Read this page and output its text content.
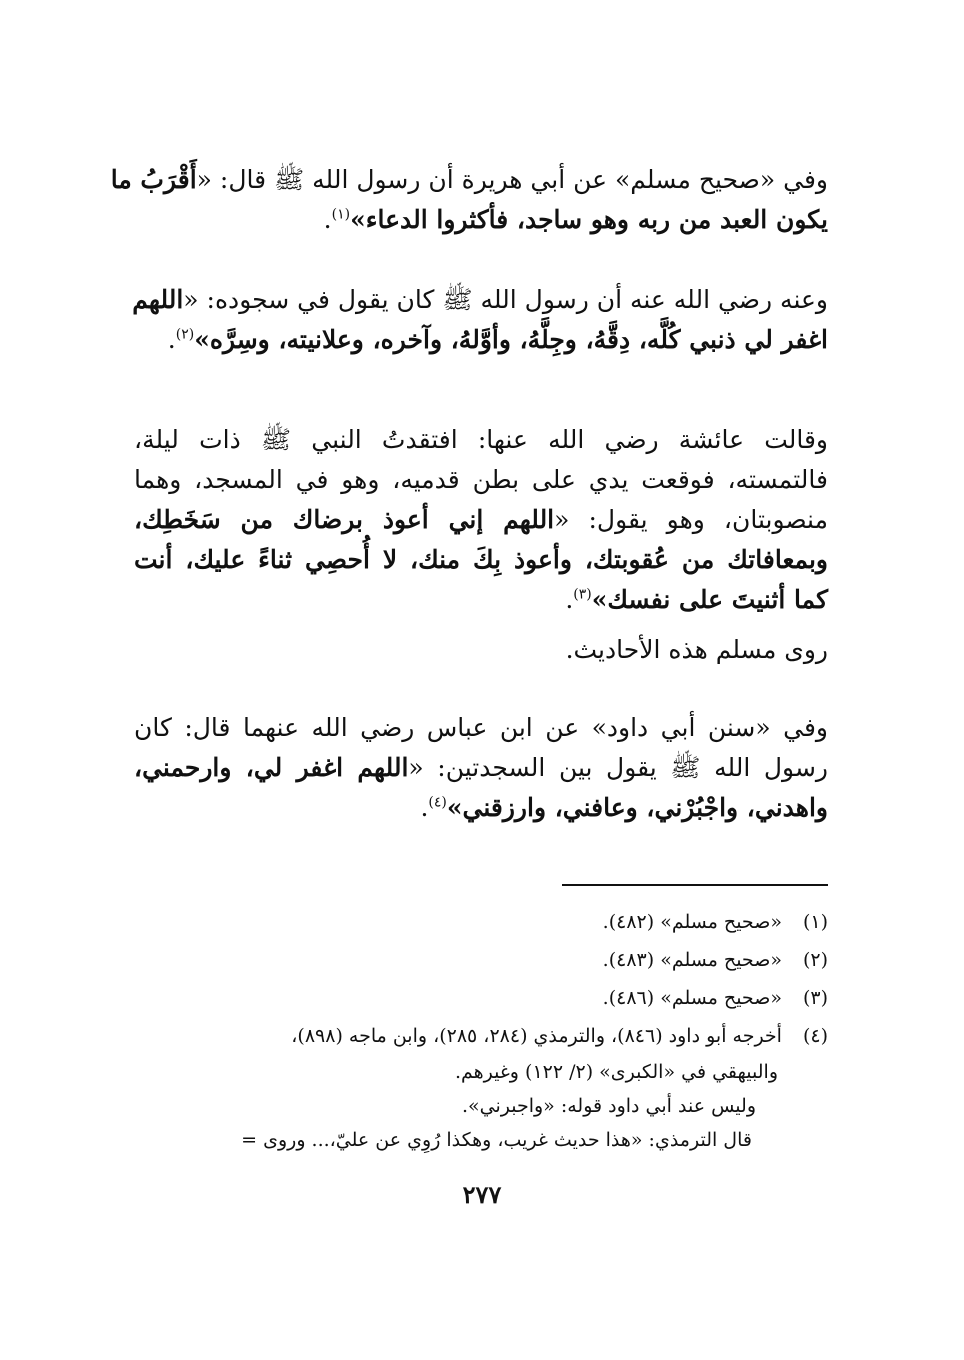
وفي «صحيح مسلم» عن أبي هريرة أن رسول الله ﷺ قال: «أَقْرَبُ ما
يكون العبد من ربه وهو ساجد، فأكثروا الدعاء»$^{(١)}$.
وعنه رضي الله عنه أن رسول الله ﷺ كان يقول في سجوده: «اللهم
اغفر لي ذنبي كُلَّه، دِقَّهُ، وجِلَّهُ، وأوَّلهُ، وآخره، وعلانيته، وسِرَّه»$^{(٢)}$.
وقالت عائشة رضي الله عنها: افتقدتُ النبي ﷺ ذات ليلة،
فالتمسته، فوقعت يدي على بطن قدميه، وهو في المسجد، وهما
منصوبتان، وهو يقول: «اللهم إني أعوذ برضاك من سَخَطِك،
وبمعافاتك من عُقوبتك، وأعوذ بِكَ منك، لا أُحصِي ثناءً عليك، أنت
كما أثنيتَ على نفسك»$^{(٣)}$.
روى مسلم هذه الأحاديث.
وفي «سنن أبي داود» عن ابن عباس رضي الله عنهما قال: كان
رسول الله ﷺ يقول بين السجدتين: «اللهم اغفر لي، وارحمني،
واهدني، واجْبُرْني، وعافني، وارزقني»$^{(٤)}$.
(١) «صحيح مسلم» (٤٨٢).
(٢) «صحيح مسلم» (٤٨٣).
(٣) «صحيح مسلم» (٤٨٦).
(٤) أخرجه أبو داود (٨٤٦)، والترمذي (٢٨٤، ٢٨٥)، وابن ماجه (٨٩٨)،
والبيهقي في «الكبرى» (٢/ ١٢٢) وغيرهم.
وليس عند أبي داود قوله: «واجبرني».
قال الترمذي: «هذا حديث غريب، وهكذا رُوِي عن عليّ،... وروى =
٢٧٧
